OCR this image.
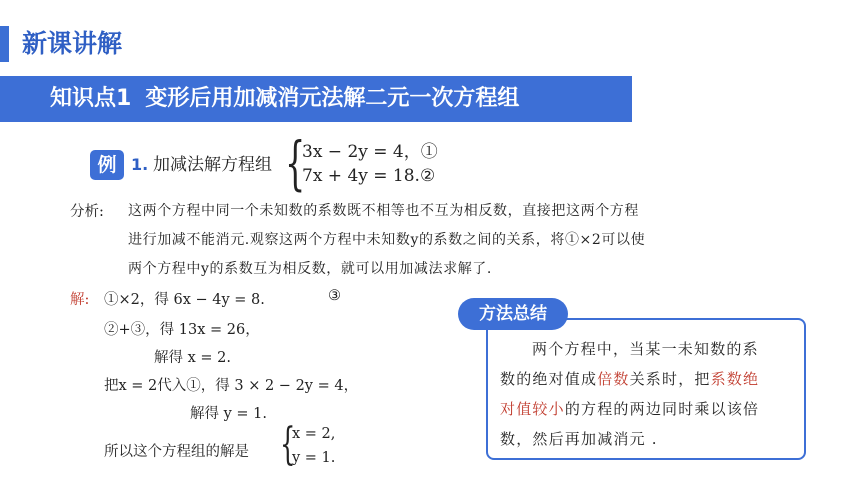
新课讲解
知识点1 变形后用加减消元法解二元一次方程组
例 1. 加减法解方程组 {
3x − 2y = 4，①
7x + 4y = 18.②
分析: 这两个方程中同一个未知数的系数既不相等也不互为相反数，直接把这两个方程
进行加减不能消元.观察这两个方程中未知数y的系数之间的关系，将①×2可以使
两个方程中y的系数互为相反数，就可以用加减法求解了.
解: ①×2，得 6x − 4y = 8.	③
②+③，得 13x = 26，
解得 x = 2.
把x = 2代入①，得 3 × 2 − 2y = 4，
解得 y = 1.
所以这个方程组的解是 {
x = 2,
y = 1.
方法总结
两个方程中，当某一未知数的系
数的绝对值成倍数关系时，把系数绝
对值较小的方程的两边同时乘以该倍
数，然后再加减消元 .
